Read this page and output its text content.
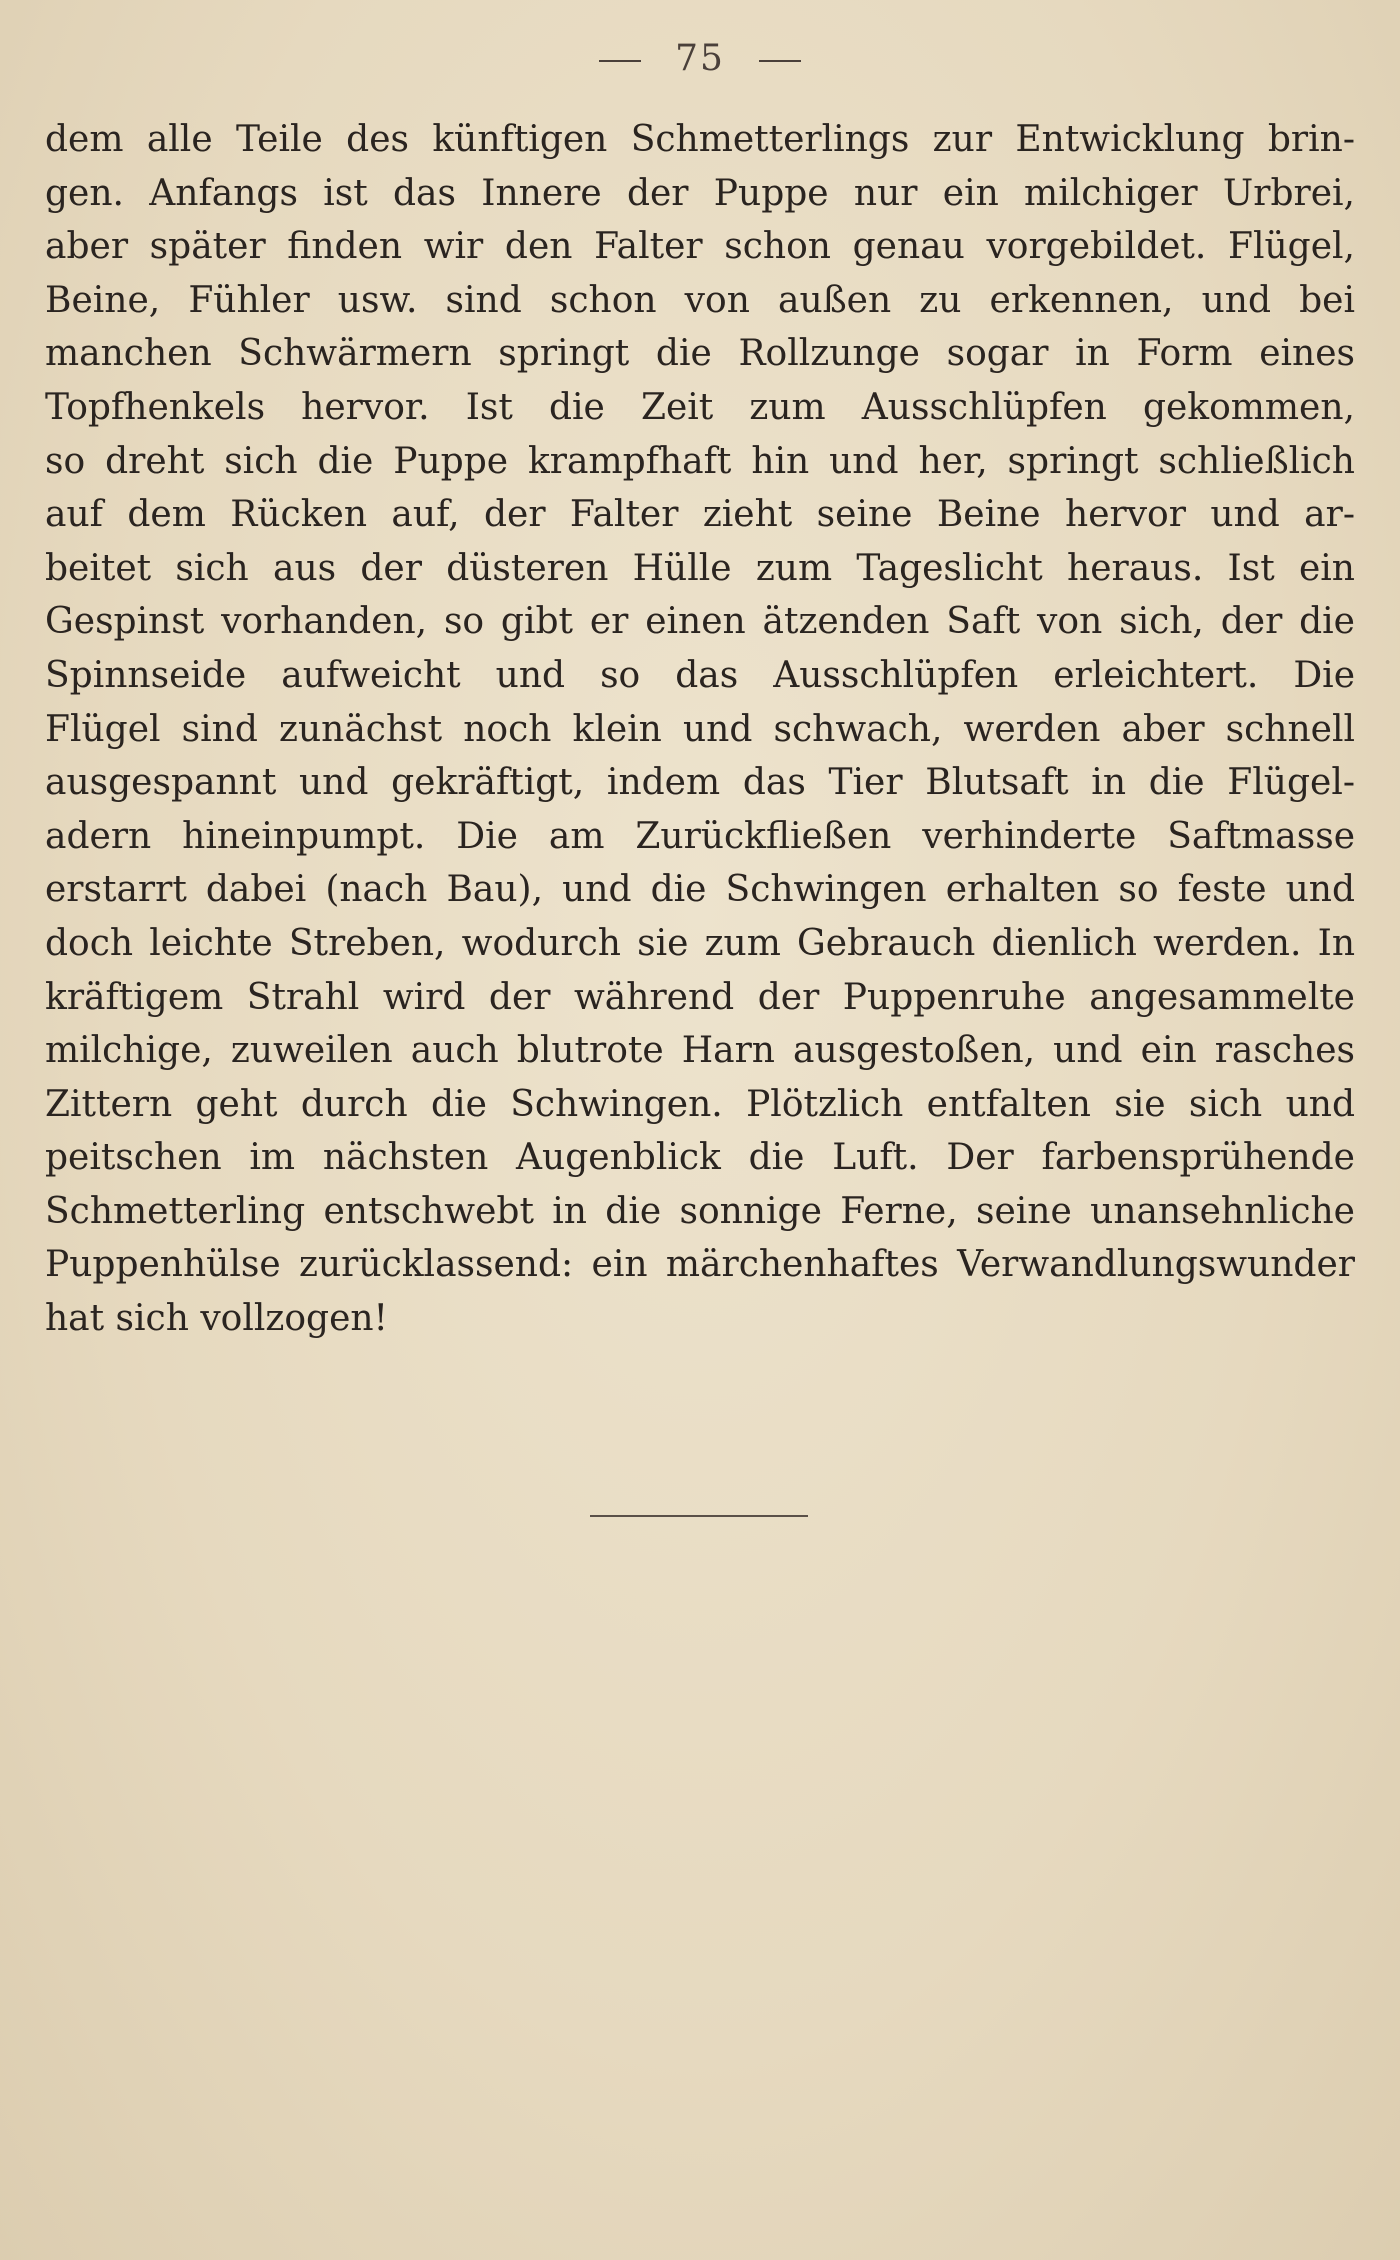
75
dem alle Teile des künftigen Schmetterlings zur Entwicklung brin-
gen. Anfangs ist das Innere der Puppe nur ein milchiger Urbrei,
aber später finden wir den Falter schon genau vorgebildet. Flügel,
Beine, Fühler usw. sind schon von außen zu erkennen, und bei
manchen Schwärmern springt die Rollzunge sogar in Form eines
Topfhenkels hervor. Ist die Zeit zum Ausschlüpfen gekommen,
so dreht sich die Puppe krampfhaft hin und her, springt schließlich
auf dem Rücken auf, der Falter zieht seine Beine hervor und ar-
beitet sich aus der düsteren Hülle zum Tageslicht heraus. Ist ein
Gespinst vorhanden, so gibt er einen ätzenden Saft von sich, der die
Spinnseide aufweicht und so das Ausschlüpfen erleichtert. Die
Flügel sind zunächst noch klein und schwach, werden aber schnell
ausgespannt und gekräftigt, indem das Tier Blutsaft in die Flügel-
adern hineinpumpt. Die am Zurückfließen verhinderte Saftmasse
erstarrt dabei (nach Bau), und die Schwingen erhalten so feste und
doch leichte Streben, wodurch sie zum Gebrauch dienlich werden. In
kräftigem Strahl wird der während der Puppenruhe angesammelte
milchige, zuweilen auch blutrote Harn ausgestoßen, und ein rasches
Zittern geht durch die Schwingen. Plötzlich entfalten sie sich und
peitschen im nächsten Augenblick die Luft. Der farbensprühende
Schmetterling entschwebt in die sonnige Ferne, seine unansehnliche
Puppenhülse zurücklassend: ein märchenhaftes Verwandlungswunder
hat sich vollzogen!
